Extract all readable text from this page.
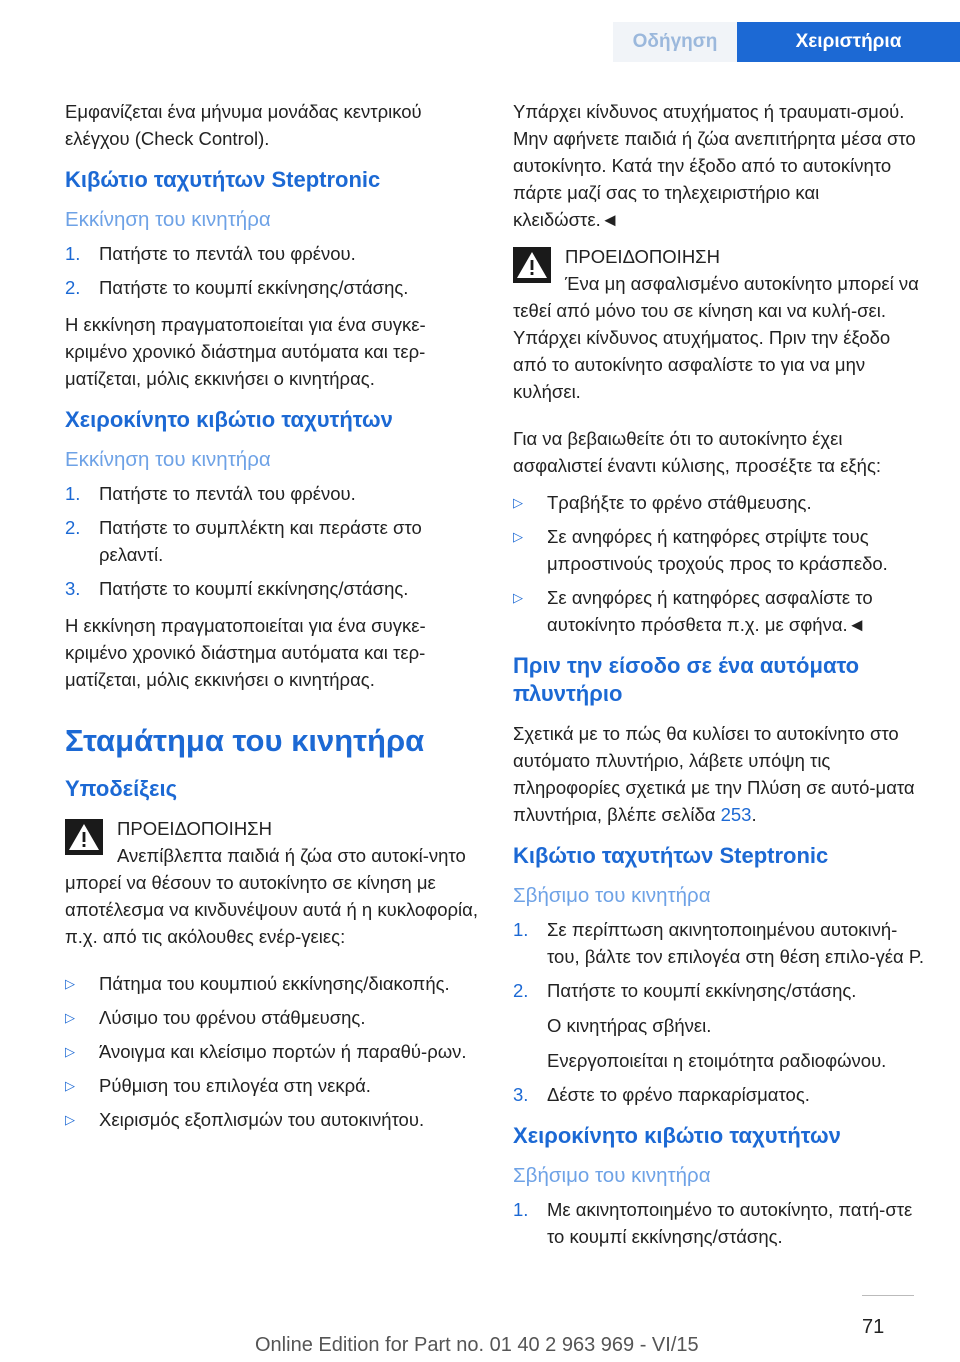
Οδήγηση	Χειριστήρια

Εμφανίζεται ένα μήνυμα μονάδας κεντρικού ελέγχου (Check Control).

Κιβώτιο ταχυτήτων Steptronic
Εκκίνηση του κινητήρα
1.	Πατήστε το πεντάλ του φρένου.
2.	Πατήστε το κουμπί εκκίνησης/στάσης.

Η εκκίνηση πραγματοποιείται για ένα συγκε-κριμένο χρονικό διάστημα αυτόματα και τερ-ματίζεται, μόλις εκκινήσει ο κινητήρας.

Χειροκίνητο κιβώτιο ταχυτήτων
Εκκίνηση του κινητήρα
1.	Πατήστε το πεντάλ του φρένου.
2.	Πατήστε το συμπλέκτη και περάστε στο ρελαντί.
3.	Πατήστε το κουμπί εκκίνησης/στάσης.

Η εκκίνηση πραγματοποιείται για ένα συγκε-κριμένο χρονικό διάστημα αυτόματα και τερ-ματίζεται, μόλις εκκινήσει ο κινητήρας.

Σταμάτημα του κινητήρα
Υποδείξεις
ΠΡΟΕΙΔΟΠΟΙΗΣΗ

Ανεπίβλεπτα παιδιά ή ζώα στο αυτοκί-νητο μπορεί να θέσουν το αυτοκίνητο σε κίνηση με αποτέλεσμα να κινδυνέψουν αυτά ή η κυκλοφορία, π.χ. από τις ακόλουθες ενέρ-γειες:

▷	Πάτημα του κουμπιού εκκίνησης/διακοπής.
▷	Λύσιμο του φρένου στάθμευσης.
▷	Άνοιγμα και κλείσιμο πορτών ή παραθύ-ρων.
▷	Ρύθμιση του επιλογέα στη νεκρά.
▷	Χειρισμός εξοπλισμών του αυτοκινήτου.

Υπάρχει κίνδυνος ατυχήματος ή τραυματι-σμού. Μην αφήνετε παιδιά ή ζώα ανεπιτήρητα μέσα στο αυτοκίνητο. Κατά την έξοδο από το αυτοκίνητο πάρτε μαζί σας το τηλεχειριστήριο και κλειδώστε.◄

ΠΡΟΕΙΔΟΠΟΙΗΣΗ

Ένα μη ασφαλισμένο αυτοκίνητο μπορεί να τεθεί από μόνο του σε κίνηση και να κυλή-σει. Υπάρχει κίνδυνος ατυχήματος. Πριν την έξοδο από το αυτοκίνητο ασφαλίστε το για να μην κυλήσει.

Για να βεβαιωθείτε ότι το αυτοκίνητο έχει ασφαλιστεί έναντι κύλισης, προσέξτε τα εξής:

▷	Τραβήξτε το φρένο στάθμευσης.
▷	Σε ανηφόρες ή κατηφόρες στρίψτε τους μπροστινούς τροχούς προς το κράσπεδο.
▷	Σε ανηφόρες ή κατηφόρες ασφαλίστε το αυτοκίνητο πρόσθετα π.χ. με σφήνα.◄
Πριν την είσοδο σε ένα αυτόματο πλυντήριο

Σχετικά με το πώς θα κυλίσει το αυτοκίνητο στο αυτόματο πλυντήριο, λάβετε υπόψη τις πληροφορίες σχετικά με την Πλύση σε αυτό-ματα πλυντήρια, βλέπε σελίδα 253.

Κιβώτιο ταχυτήτων Steptronic
Σβήσιμο του κινητήρα
1.	Σε περίπτωση ακινητοποιημένου αυτοκινή-του, βάλτε τον επιλογέα στη θέση επιλο-γέα P.
2.	Πατήστε το κουμπί εκκίνησης/στάσης.
Ο κινητήρας σβήνει.
Ενεργοποιείται η ετοιμότητα ραδιοφώνου.
3.	Δέστε το φρένο παρκαρίσματος.
Χειροκίνητο κιβώτιο ταχυτήτων
Σβήσιμο του κινητήρα
1.	Με ακινητοποιημένο το αυτοκίνητο, πατή-στε το κουμπί εκκίνησης/στάσης.
71
Online Edition for Part no. 01 40 2 963 969 - VI/15
